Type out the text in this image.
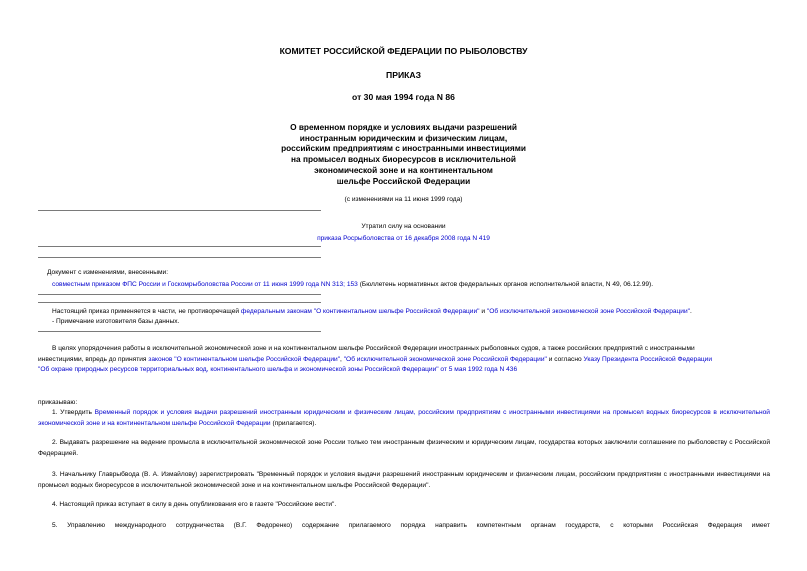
КОМИТЕТ РОССИЙСКОЙ ФЕДЕРАЦИИ ПО РЫБОЛОВСТВУ
ПРИКАЗ
от 30 мая 1994 года N 86
О временном порядке и условиях выдачи разрешений
иностранным юридическим и физическим лицам,
российским предприятиям с иностранными инвестициями
на промысел водных биоресурсов в исключительной
экономической зоне и на континентальном
шельфе Российской Федерации
(с изменениями на 11 июня 1999 года)
Утратил силу на основании
приказа Росрыболовства от 16 декабря 2008 года N 419
Документ с изменениями, внесенными:
совместным приказом ФПС России и Госкомрыболовства России от 11 июня 1999 года NN 313; 153 (Бюллетень нормативных актов федеральных органов исполнительной власти, N 49, 06.12.99).
Настоящий приказ применяется в части, не противоречащей федеральным законам "О континентальном шельфе Российской Федерации" и "Об исключительной экономической зоне Российской Федерации".
- Примечание изготовителя базы данных.
В целях упорядочения работы в исключительной экономической зоне и на континентальном шельфе Российской Федерации иностранных рыболовных судов, а также российских предприятий с иностранными
инвестициями, впредь до принятия законов "О континентальном шельфе Российской Федерации", "Об исключительной экономической зоне Российской Федерации" и согласно Указу Президента Российской Федерации
"Об охране природных ресурсов территориальных вод, континентального шельфа и экономической зоны Российской Федерации" от 5 мая 1992 года N 436
приказываю:
1. Утвердить Временный порядок и условия выдачи разрешений иностранным юридическим и физическим лицам, российским предприятиям с иностранными инвестициями на промысел водных биоресурсов в исключительной экономической зоне и на континентальном шельфе Российской Федерации (прилагается).
2. Выдавать разрешение на ведение промысла в исключительной экономической зоне России только тем иностранным физическим и юридическим лицам, государства которых заключили соглашение по рыболовству с Российской Федерацией.
3. Начальнику Главрыбвода (В. А. Измайлову) зарегистрировать "Временный порядок и условия выдачи разрешений иностранным юридическим и физическим лицам, российским предприятиям с иностранными инвестициями на промысел водных биоресурсов в исключительной экономической зоне и на континентальном шельфе Российской Федерации".
4. Настоящий приказ вступает в силу в день опубликования его в газете "Российские вести".
5. Управлению международного сотрудничества (В.Г. Федоренко) содержание прилагаемого порядка направить компетентным органам государств, с которыми Российская Федерация имеет
